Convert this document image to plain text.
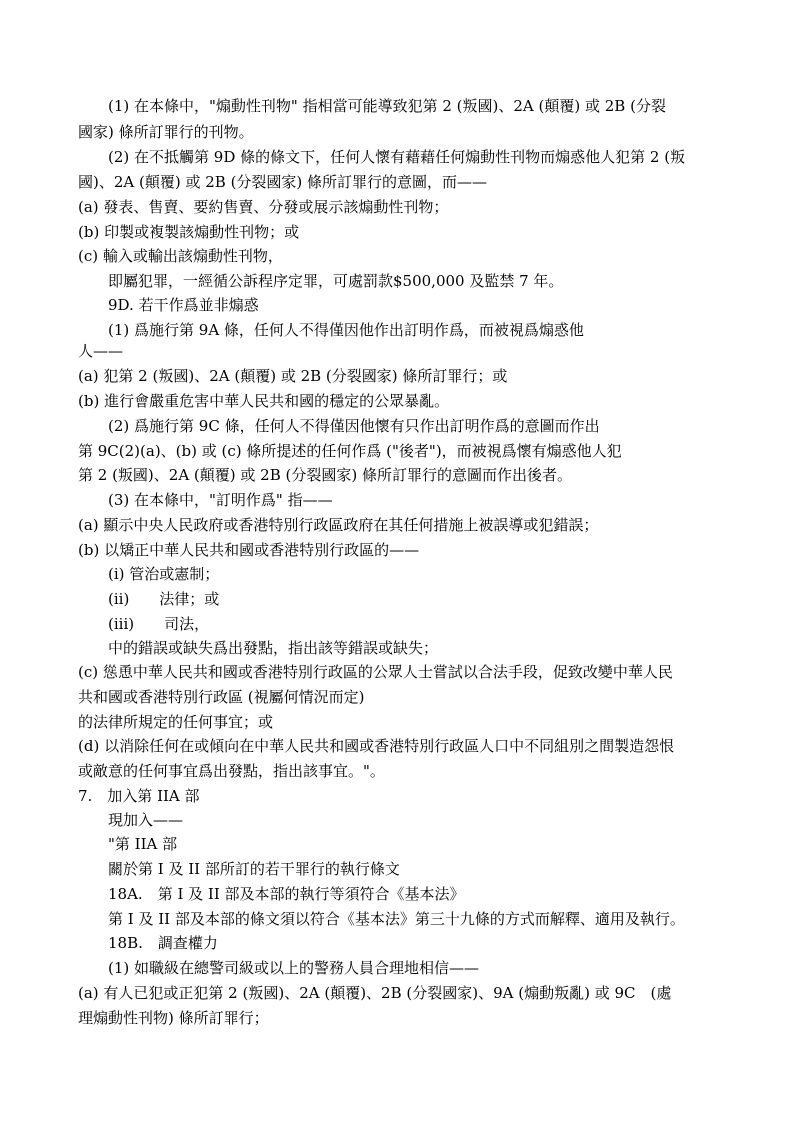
(1) 在本條中，"煽動性刊物" 指相當可能導致犯第 2 (叛國)、2A (顛覆) 或 2B (分裂
國家) 條所訂罪行的刊物。
(2) 在不抵觸第 9D 條的條文下，任何人懷有藉藉任何煽動性刊物而煽惑他人犯第 2 (叛
國)、2A (顛覆) 或 2B (分裂國家) 條所訂罪行的意圖，而——
(a) 發表、售賣、要約售賣、分發或展示該煽動性刊物；
(b) 印製或複製該煽動性刊物；或
(c) 輸入或輸出該煽動性刊物，
即屬犯罪，一經循公訴程序定罪，可處罰款$500,000 及監禁 7 年。
9D. 若干作爲並非煽惑
(1) 爲施行第 9A 條，任何人不得僅因他作出訂明作爲，而被視爲煽惑他
人——
(a) 犯第 2 (叛國)、2A (顛覆) 或 2B (分裂國家) 條所訂罪行；或
(b) 進行會嚴重危害中華人民共和國的穩定的公眾暴亂。
(2) 爲施行第 9C 條，任何人不得僅因他懷有只作出訂明作爲的意圖而作出
第 9C(2)(a)、(b) 或 (c) 條所提述的任何作爲 ("後者")，而被視爲懷有煽惑他人犯
第 2 (叛國)、2A (顛覆) 或 2B (分裂國家) 條所訂罪行的意圖而作出後者。
(3) 在本條中，"訂明作爲" 指——
(a) 顯示中央人民政府或香港特別行政區政府在其任何措施上被誤導或犯錯誤；
(b) 以矯正中華人民共和國或香港特別行政區的——
(i) 管治或憲制；
(ii)　　法律；或
(iii)　　司法，
中的錯誤或缺失爲出發點，指出該等錯誤或缺失；
(c) 慫恿中華人民共和國或香港特別行政區的公眾人士嘗試以合法手段，促致改變中華人民
共和國或香港特別行政區 (視屬何情況而定)
的法律所規定的任何事宜；或
(d) 以消除任何在或傾向在中華人民共和國或香港特別行政區人口中不同組別之間製造怨恨
或敵意的任何事宜爲出發點，指出該事宜。"。
7.　加入第 IIA 部
現加入——
"第 IIA 部
關於第 I 及 II 部所訂的若干罪行的執行條文
18A.　第 I 及 II 部及本部的執行等須符合《基本法》
第 I 及 II 部及本部的條文須以符合《基本法》第三十九條的方式而解釋、適用及執行。
18B.　調查權力
(1) 如職級在總警司級或以上的警務人員合理地相信——
(a) 有人已犯或正犯第 2 (叛國)、2A (顛覆)、2B (分裂國家)、9A (煽動叛亂) 或 9C　(處
理煽動性刊物) 條所訂罪行；
